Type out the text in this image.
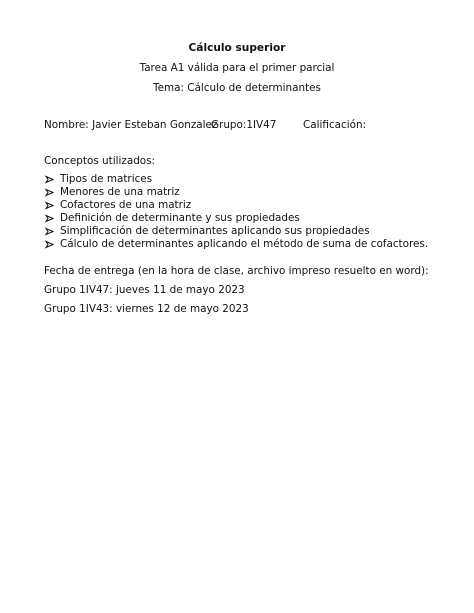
Cálculo superior
Tarea A1 válida para el primer parcial
Tema: Cálculo de determinantes
Nombre: Javier Esteban Gonzalez
Grupo:1IV47	Calificación:
Conceptos utilizados:
Tipos de matrices
Menores de una matriz
Cofactores de una matriz
Definición de determinante y sus propiedades
Simplificación de determinantes aplicando sus propiedades
Cálculo de determinantes aplicando el método de suma de cofactores.
Fecha de entrega (en la hora de clase, archivo impreso resuelto en word):
Grupo 1IV47: jueves 11 de mayo 2023
Grupo 1IV43: viernes 12 de mayo 2023
